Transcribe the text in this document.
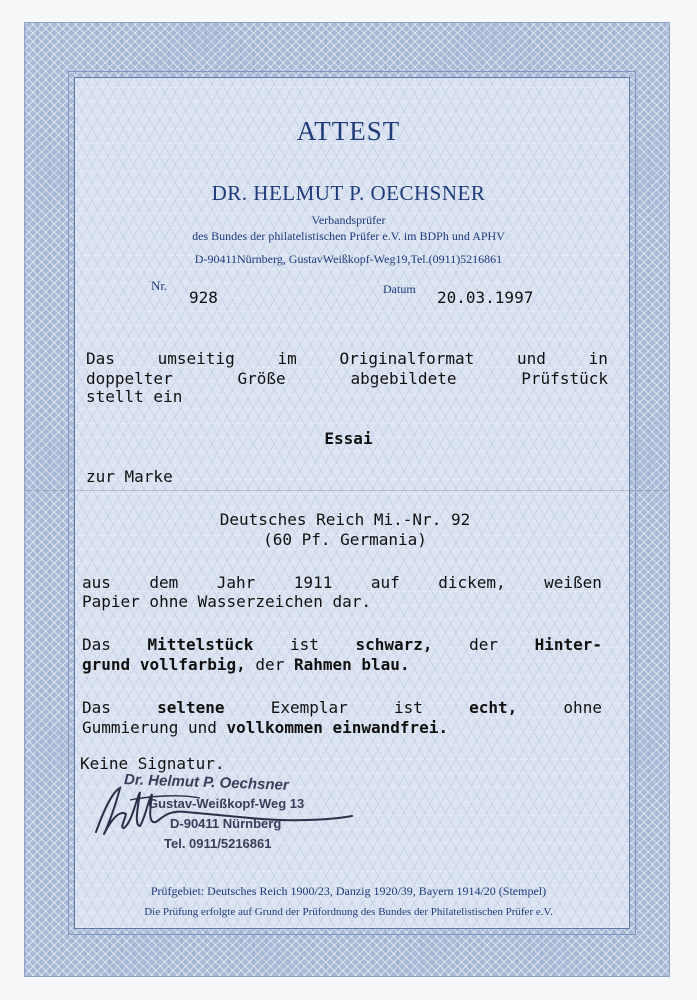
ATTEST
DR. HELMUT P. OECHSNER
Verbandsprüfer
des Bundes der philatelistischen Prüfer e.V. im BDPh und APHV
D-90411Nürnberg, GustavWeißkopf-Weg19,Tel.(0911)5216861
Nr.
928	Datum 20.03.1997
Das	umseitig	im	Originalformat	und	in
doppelter	Größe	abgebildete	Prüfstück
stellt ein
Essai
zur Marke
Deutsches Reich Mi.-Nr. 92
(60 Pf. Germania)
aus dem Jahr 1911 auf dickem, weißen
Papier ohne Wasserzeichen dar.
Das Mittelstück ist schwarz, der Hinter-
grund vollfarbig, der Rahmen blau.
Das	seltene	Exemplar	ist	echt,	ohne
Gummierung und vollkommen einwandfrei.
Keine Signatur.
Dr. Helmut P. Oechsner
Gustav-Weißkopf-Weg 13
D-90411 Nürnberg
Tel. 0911/5216861
Prüfgebiet: Deutsches Reich 1900/23, Danzig 1920/39, Bayern 1914/20 (Stempel)
Die Prüfung erfolgte auf Grund der Prüfordnung des Bundes der Philatelistischen Prüfer e.V.
